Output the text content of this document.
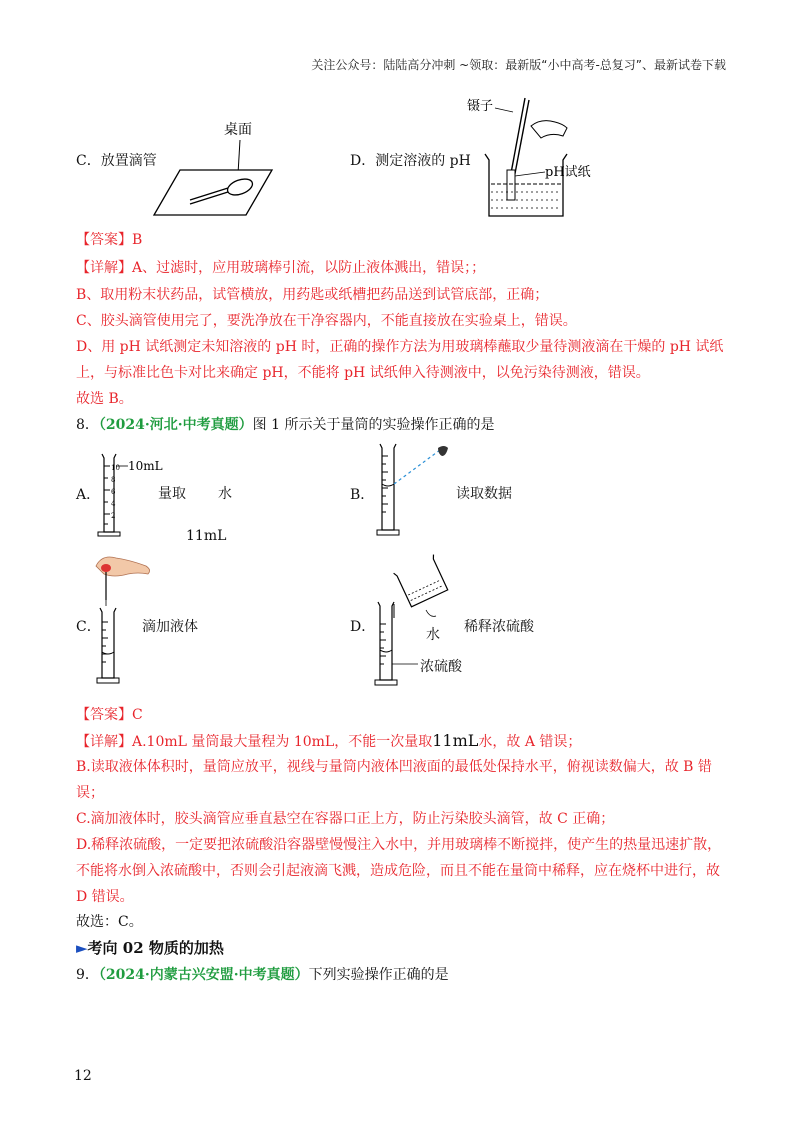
关注公众号：陆陆高分冲刺 ~领取：最新版“小中高考-总复习”、最新试卷下载
C．放置滴管
桌面
D．测定溶液的 pH
镊子
pH试纸
【答案】B
【详解】A、过滤时，应用玻璃棒引流，以防止液体溅出，错误；；
B、取用粉末状药品，试管横放，用药匙或纸槽把药品送到试管底部，正确；
C、胶头滴管使用完了，要洗净放在干净容器内，不能直接放在实验桌上，错误。
D、用 pH 试纸测定未知溶液的 pH 时，正确的操作方法为用玻璃棒蘸取少量待测液滴在干燥的 pH 试纸
上，与标准比色卡对比来确定 pH，不能将 pH 试纸伸入待测液中，以免污染待测液，错误。
故选 B。
8．（2024·河北·中考真题）图 1 所示关于量筒的实验操作正确的是
A．
10
8
6
4
2
10mL
量取 水
11mL
B．	读取数据
C．	滴加液体	D．	水 稀释浓硫酸
浓硫酸
【答案】C
【详解】A.10mL 量筒最大量程为 10mL，不能一次量取11mL水，故 A 错误；
B.读取液体体积时，量筒应放平，视线与量筒内液体凹液面的最低处保持水平，俯视读数偏大，故 B 错
误；
C.滴加液体时，胶头滴管应垂直悬空在容器口正上方，防止污染胶头滴管，故 C 正确；
D.稀释浓硫酸，一定要把浓硫酸沿容器壁慢慢注入水中，并用玻璃棒不断搅拌，使产生的热量迅速扩散，
不能将水倒入浓硫酸中，否则会引起液滴飞溅，造成危险，而且不能在量筒中稀释，应在烧杯中进行，故
D 错误。
故选：C。
►考向 02 物质的加热
9．（2024·内蒙古兴安盟·中考真题）下列实验操作正确的是
12
